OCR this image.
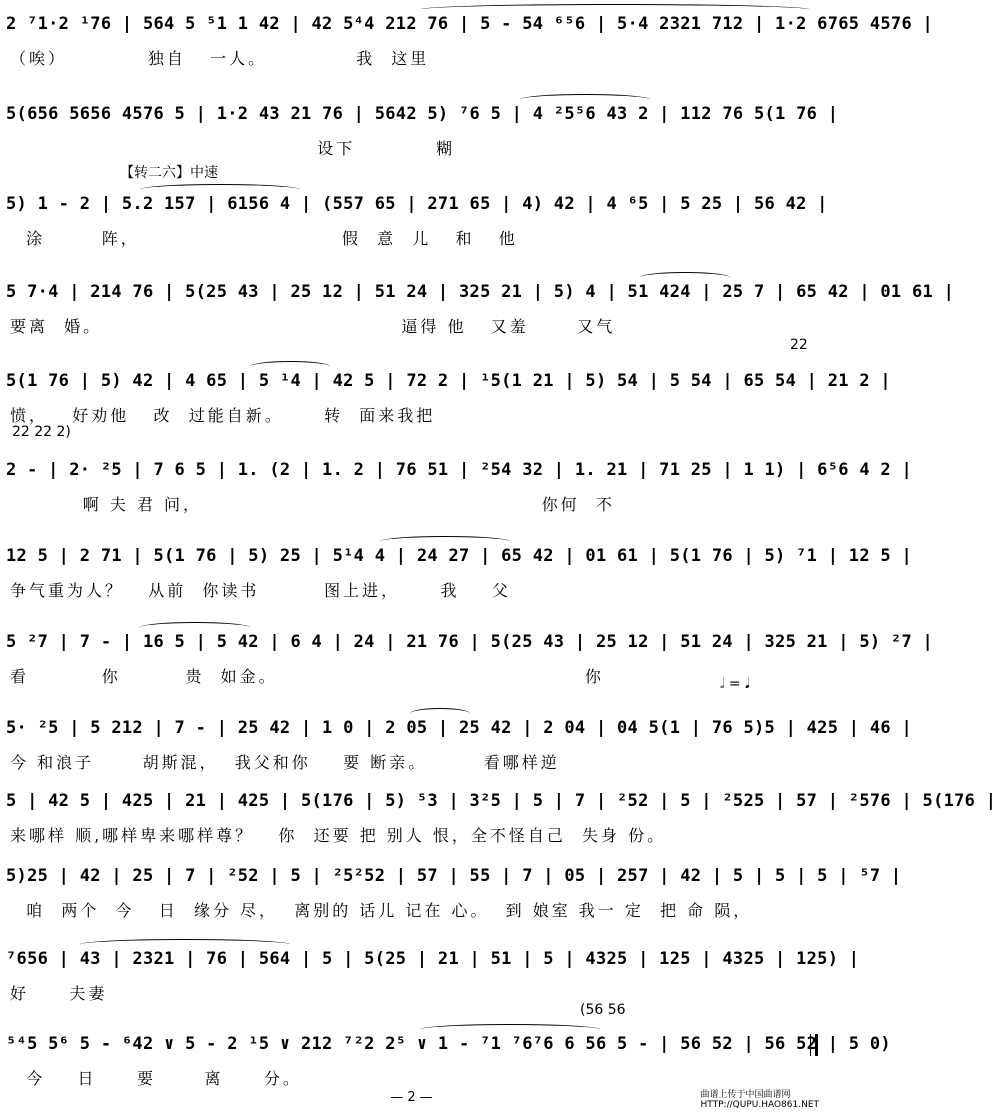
2 ⁷1·2 ¹76 | 564 5 ⁵1 1 42 | 42 5⁴4 212 76 | 5 - 54 ⁶⁵6 | 5·4 2321 712 | 1·2 6765 4576 |
（唉）          独自   一人。           我  这里
5(656 5656 4576 5 | 1·2 43 21 76 | 5642 5) ⁷6 5 | 4 ²5⁵6 43 2 | 112 76 5(1 76 |
设下          糊
【转二六】中速
5) 1 - 2 | 5.2 157 | 6156 4 | (557 65 | 271 65 | 4) 42 | 4 ⁶5 | 5 25 | 56 42 |
涂       阵，                         假  意  儿   和   他
5 7·4 | 214 76 | 5(25 43 | 25 12 | 51 24 | 325 21 | 5) 4 | 51 424 | 25 7 | 65 42 | 01 61 |
要离  婚。                                     逼得 他   又羞      又气
22
5(1 76 | 5) 42 | 4 65 | 5 ¹4 | 42 5 | 72 2 | ¹5(1 21 | 5) 54 | 5 54 | 65 54 | 21 2 |
愤，   好劝他   改  过能自新。     转  面来我把
22 22 2)
2 - | 2· ²5 | 7 6 5 | 1. (2 | 1. 2 | 76 51 | ²54 32 | 1. 21 | 71 25 | 1 1) | 6⁵6 4 2 |
啊 夫 君 问，                                          你何  不
12 5 | 2 71 | 5(1 76 | 5) 25 | 5¹4 4 | 24 27 | 65 42 | 01 61 | 5(1 76 | 5) ⁷1 | 12 5 |
争气重为人？   从前  你读书        图上进，     我    父
5 ²7 | 7 - | 16 5 | 5 42 | 6 4 | 24 | 21 76 | 5(25 43 | 25 12 | 51 24 | 325 21 | 5) ²7 |
看         你        贵  如金。                                      你	𝅗𝅥 = 𝅘𝅥
5· ²5 | 5 212 | 7 - | 25 42 | 1 0 | 2 05 | 25 42 | 2 04 | 04 5(1 | 76 5)5 | 425 | 46 |
今 和浪子      胡斯混，  我父和你    要 断亲。       看哪样逆
5 | 42 5 | 425 | 21 | 425 | 5(176 | 5) ⁵3 | 3²5 | 5 | 7 | ²52 | 5 | ²525 | 57 | ²576 | 5(176 |
来哪样 顺,哪样卑来哪样尊？   你  还要 把 别人 恨，全不怪自己  失身 份。
5)25 | 42 | 25 | 7 | ²52 | 5 | ²5²52 | 57 | 55 | 7 | 05 | 257 | 42 | 5 | 5 | 5 | ⁵7 |
咱  两个  今   日  缘分 尽，  离别的 话儿 记在 心。  到 娘室 我一 定  把 命 陨，
⁷656 | 43 | 2321 | 76 | 564 | 5 | 5(25 | 21 | 51 | 5 | 4325 | 125 | 4325 | 125) |
好     夫妻
(56 56
⁵⁴5 5⁶ 5 - ⁶42 ∨ 5 - 2 ¹5 ∨ 212 ⁷²2 2⁵ ∨ 1 - ⁷1 ⁷6⁷6 6 56 5 - | 56 52 | 56 52 | 5 0)
今    日     要      离     分。
— 2 —	曲谱上传于中国曲谱网
HTTP://QUPU.HAO861.NET
